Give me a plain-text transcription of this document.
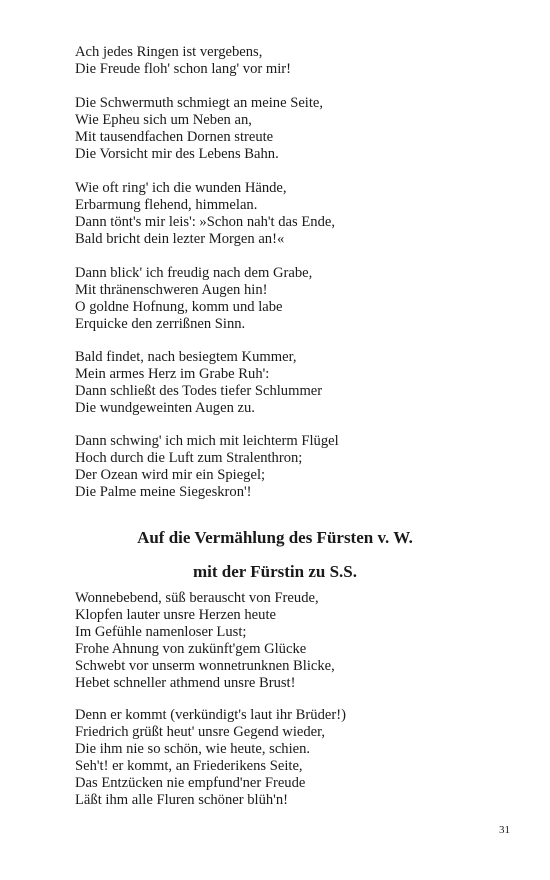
Ach jedes Ringen ist vergebens,
Die Freude floh' schon lang' vor mir!
Die Schwermuth schmiegt an meine Seite,
Wie Epheu sich um Neben an,
Mit tausendfachen Dornen streute
Die Vorsicht mir des Lebens Bahn.
Wie oft ring' ich die wunden Hände,
Erbarmung flehend, himmelan.
Dann tönt's mir leis': »Schon nah't das Ende,
Bald bricht dein lezter Morgen an!«
Dann blick' ich freudig nach dem Grabe,
Mit thränenschweren Augen hin!
O goldne Hofnung, komm und labe
Erquicke den zerrißnen Sinn.
Bald findet, nach besiegtem Kummer,
Mein armes Herz im Grabe Ruh':
Dann schließt des Todes tiefer Schlummer
Die wundgeweinten Augen zu.
Dann schwing' ich mich mit leichterm Flügel
Hoch durch die Luft zum Stralenthron;
Der Ozean wird mir ein Spiegel;
Die Palme meine Siegeskron'!
Auf die Vermählung des Fürsten v. W.
mit der Fürstin zu S.S.
Wonnebebend, süß berauscht von Freude,
Klopfen lauter unsre Herzen heute
Im Gefühle namenloser Lust;
Frohe Ahnung von zukünft'gem Glücke
Schwebt vor unserm wonnetrunknen Blicke,
Hebet schneller athmend unsre Brust!
Denn er kommt (verkündigt's laut ihr Brüder!)
Friedrich grüßt heut' unsre Gegend wieder,
Die ihm nie so schön, wie heute, schien.
Seh't! er kommt, an Friederikens Seite,
Das Entzücken nie empfund'ner Freude
Läßt ihm alle Fluren schöner blüh'n!
31
